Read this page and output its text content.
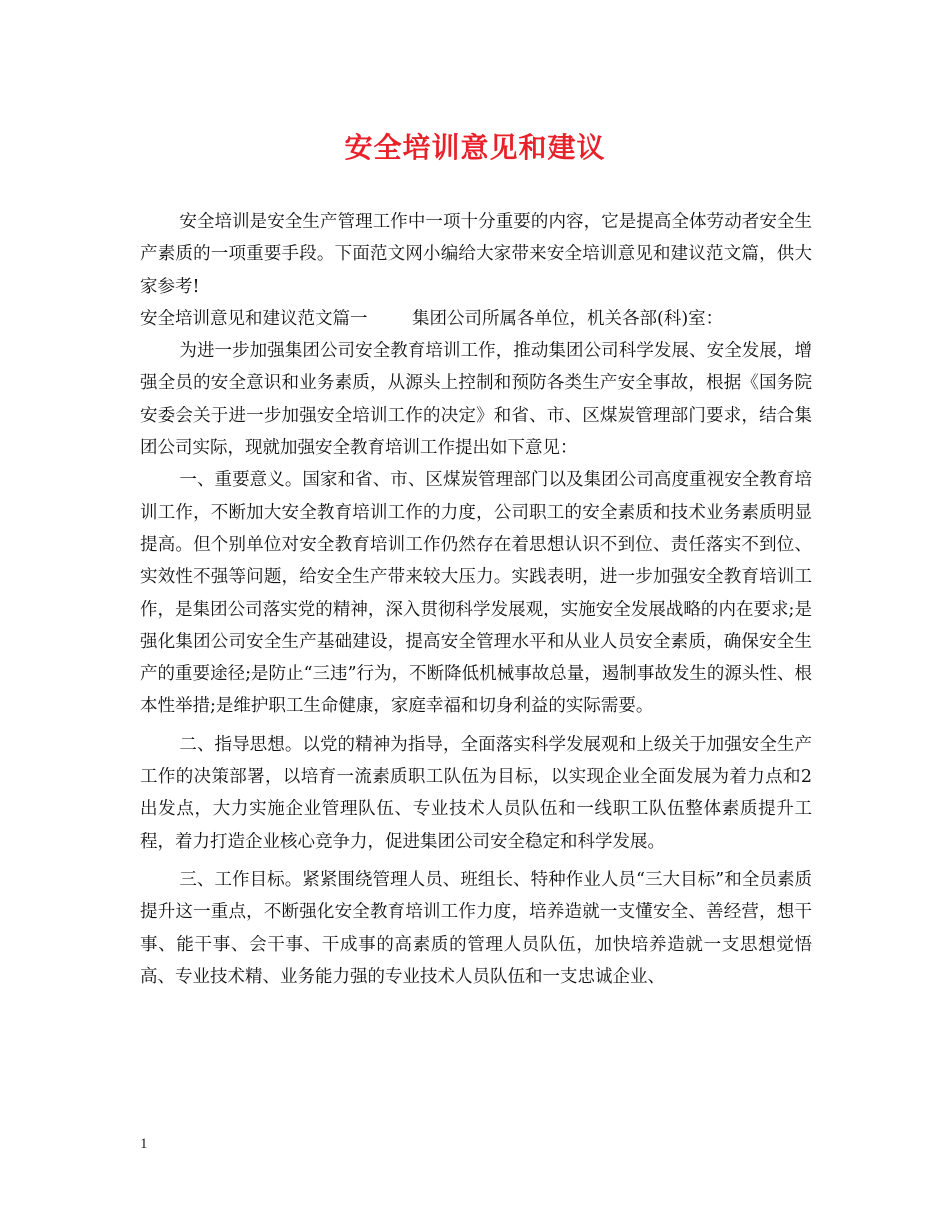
安全培训意见和建议

安全培训是安全生产管理工作中一项十分重要的内容，它是提高全体劳动者安全生产素质的一项重要手段。下面范文网小编给大家带来安全培训意见和建议范文篇，供大家参考!

安全培训意见和建议范文篇一	集团公司所属各单位，机关各部(科)室：

为进一步加强集团公司安全教育培训工作，推动集团公司科学发展、安全发展，增强全员的安全意识和业务素质，从源头上控制和预防各类生产安全事故，根据《国务院安委会关于进一步加强安全培训工作的决定》和省、市、区煤炭管理部门要求，结合集团公司实际，现就加强安全教育培训工作提出如下意见：

一、重要意义。国家和省、市、区煤炭管理部门以及集团公司高度重视安全教育培训工作，不断加大安全教育培训工作的力度，公司职工的安全素质和技术业务素质明显提高。但个别单位对安全教育培训工作仍然存在着思想认识不到位、责任落实不到位、实效性不强等问题，给安全生产带来较大压力。实践表明，进一步加强安全教育培训工作，是集团公司落实党的精神，深入贯彻科学发展观，实施安全发展战略的内在要求;是强化集团公司安全生产基础建设，提高安全管理水平和从业人员安全素质，确保安全生产的重要途径;是防止“三违”行为，不断降低机械事故总量，遏制事故发生的源头性、根本性举措;是维护职工生命健康，家庭幸福和切身利益的实际需要。

二、指导思想。以党的精神为指导，全面落实科学发展观和上级关于加强安全生产工作的决策部署，以培育一流素质职工队伍为目标，以实现企业全面发展为着力点和2 出发点，大力实施企业管理队伍、专业技术人员队伍和一线职工队伍整体素质提升工程，着力打造企业核心竞争力，促进集团公司安全稳定和科学发展。

三、工作目标。紧紧围绕管理人员、班组长、特种作业人员“三大目标”和全员素质提升这一重点，不断强化安全教育培训工作力度，培养造就一支懂安全、善经营，想干事、能干事、会干事、干成事的高素质的管理人员队伍，加快培养造就一支思想觉悟高、专业技术精、业务能力强的专业技术人员队伍和一支忠诚企业、

1
